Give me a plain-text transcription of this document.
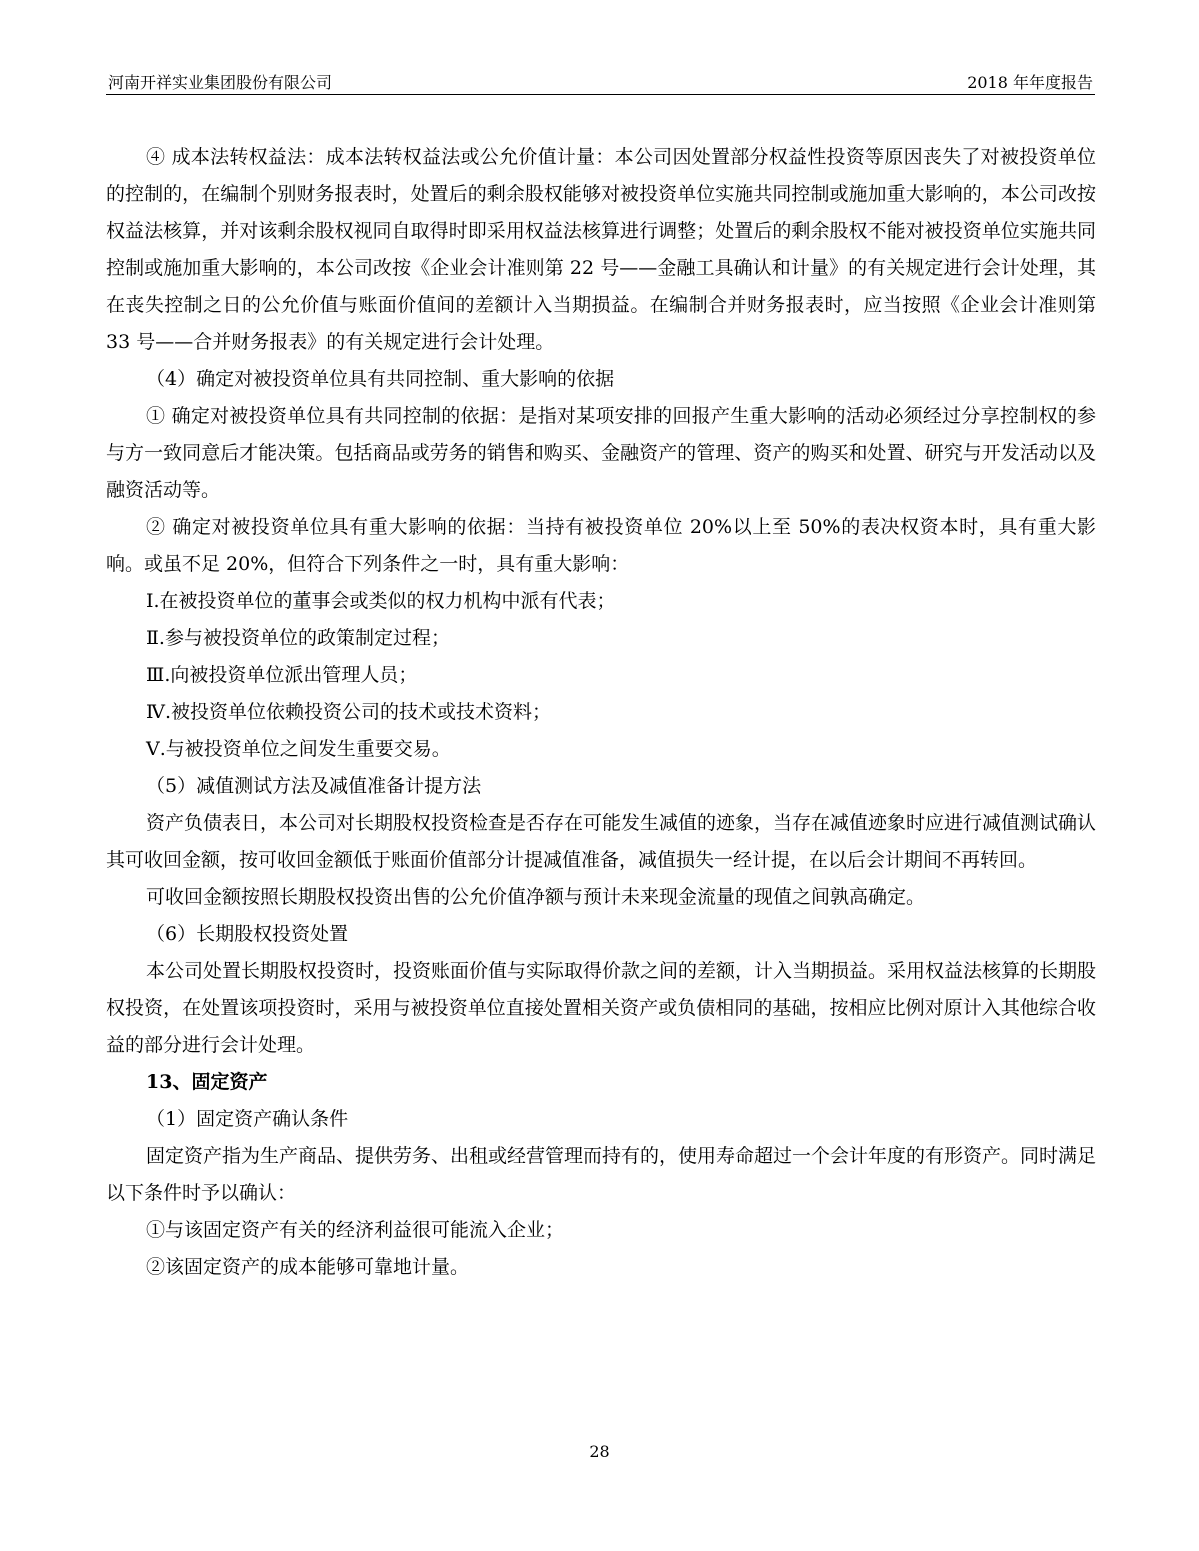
河南开祥实业集团股份有限公司	2018 年年度报告

④ 成本法转权益法：成本法转权益法或公允价值计量：本公司因处置部分权益性投资等原因丧失了对被投资单位的控制的，在编制个别财务报表时，处置后的剩余股权能够对被投资单位实施共同控制或施加重大影响的，本公司改按权益法核算，并对该剩余股权视同自取得时即采用权益法核算进行调整；处置后的剩余股权不能对被投资单位实施共同控制或施加重大影响的，本公司改按《企业会计准则第 22 号——金融工具确认和计量》的有关规定进行会计处理，其在丧失控制之日的公允价值与账面价值间的差额计入当期损益。在编制合并财务报表时，应当按照《企业会计准则第 33 号——合并财务报表》的有关规定进行会计处理。

（4）确定对被投资单位具有共同控制、重大影响的依据

① 确定对被投资单位具有共同控制的依据：是指对某项安排的回报产生重大影响的活动必须经过分享控制权的参与方一致同意后才能决策。包括商品或劳务的销售和购买、金融资产的管理、资产的购买和处置、研究与开发活动以及融资活动等。

② 确定对被投资单位具有重大影响的依据：当持有被投资单位 20%以上至 50%的表决权资本时，具有重大影响。或虽不足 20%，但符合下列条件之一时，具有重大影响：

Ⅰ.在被投资单位的董事会或类似的权力机构中派有代表；

Ⅱ.参与被投资单位的政策制定过程；

Ⅲ.向被投资单位派出管理人员；

Ⅳ.被投资单位依赖投资公司的技术或技术资料；

Ⅴ.与被投资单位之间发生重要交易。

（5）减值测试方法及减值准备计提方法

资产负债表日，本公司对长期股权投资检查是否存在可能发生减值的迹象，当存在减值迹象时应进行减值测试确认其可收回金额，按可收回金额低于账面价值部分计提减值准备，减值损失一经计提，在以后会计期间不再转回。

可收回金额按照长期股权投资出售的公允价值净额与预计未来现金流量的现值之间孰高确定。

（6）长期股权投资处置

本公司处置长期股权投资时，投资账面价值与实际取得价款之间的差额，计入当期损益。采用权益法核算的长期股权投资，在处置该项投资时，采用与被投资单位直接处置相关资产或负债相同的基础，按相应比例对原计入其他综合收益的部分进行会计处理。

13、固定资产

（1）固定资产确认条件

固定资产指为生产商品、提供劳务、出租或经营管理而持有的，使用寿命超过一个会计年度的有形资产。同时满足以下条件时予以确认：

①与该固定资产有关的经济利益很可能流入企业；

②该固定资产的成本能够可靠地计量。

28
